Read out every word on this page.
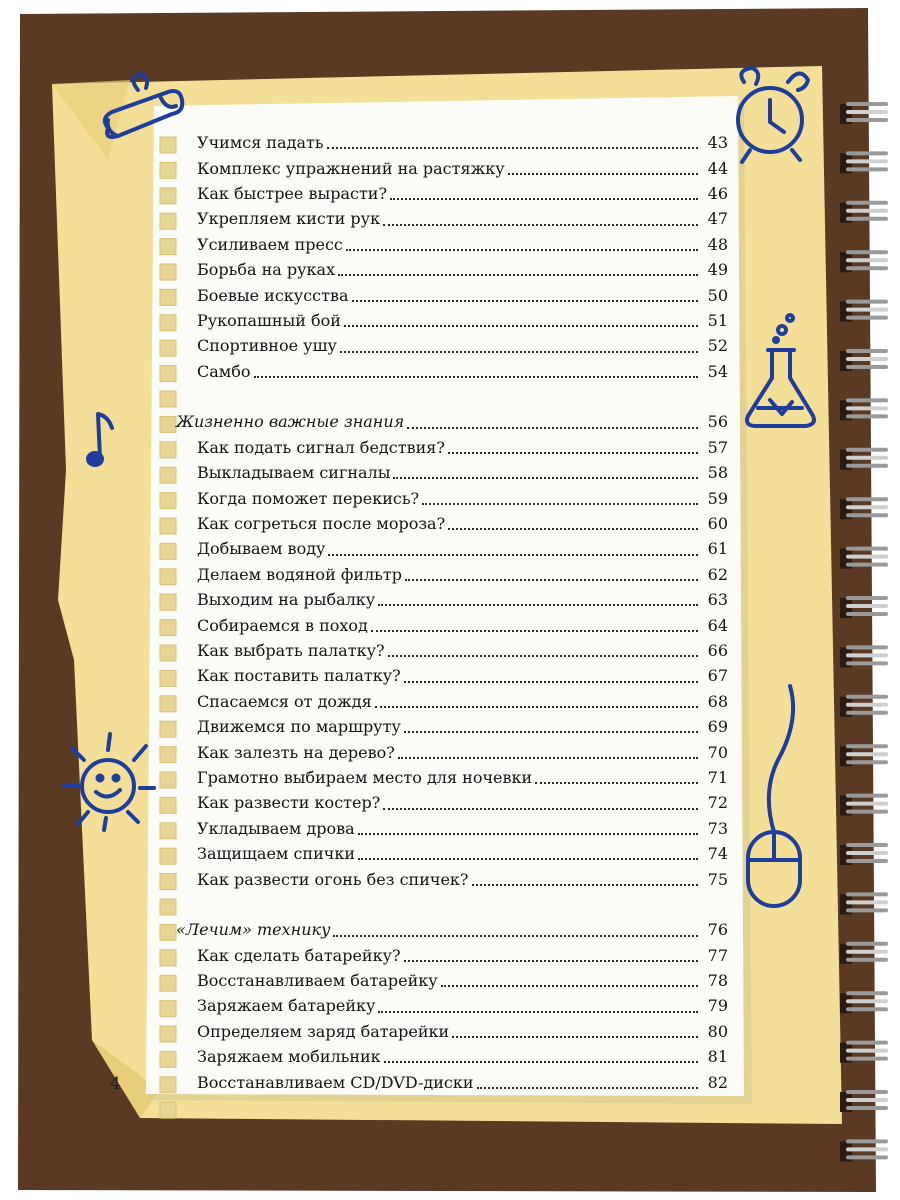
Учимся падать	43
Комплекс упражнений на растяжку	44
Как быстрее вырасти?	46
Укрепляем кисти рук	47
Усиливаем пресс	48
Борьба на руках	49
Боевые искусства	50
Рукопашный бой	51
Спортивное ушу	52
Самбо	54
Жизненно важные знания	56
Как подать сигнал бедствия?	57
Выкладываем сигналы	58
Когда поможет перекись?	59
Как согреться после мороза?	60
Добываем воду	61
Делаем водяной фильтр	62
Выходим на рыбалку	63
Собираемся в поход	64
Как выбрать палатку?	66
Как поставить палатку?	67
Спасаемся от дождя	68
Движемся по маршруту	69
Как залезть на дерево?	70
Грамотно выбираем место для ночевки	71
Как развести костер?	72
Укладываем дрова	73
Защищаем спички	74
Как развести огонь без спичек?	75
«Лечим» технику	76
Как сделать батарейку?	77
Восстанавливаем батарейку	78
Заряжаем батарейку	79
Определяем заряд батарейки	80
Заряжаем мобильник	81
Восстанавливаем CD/DVD-диски	82
4
